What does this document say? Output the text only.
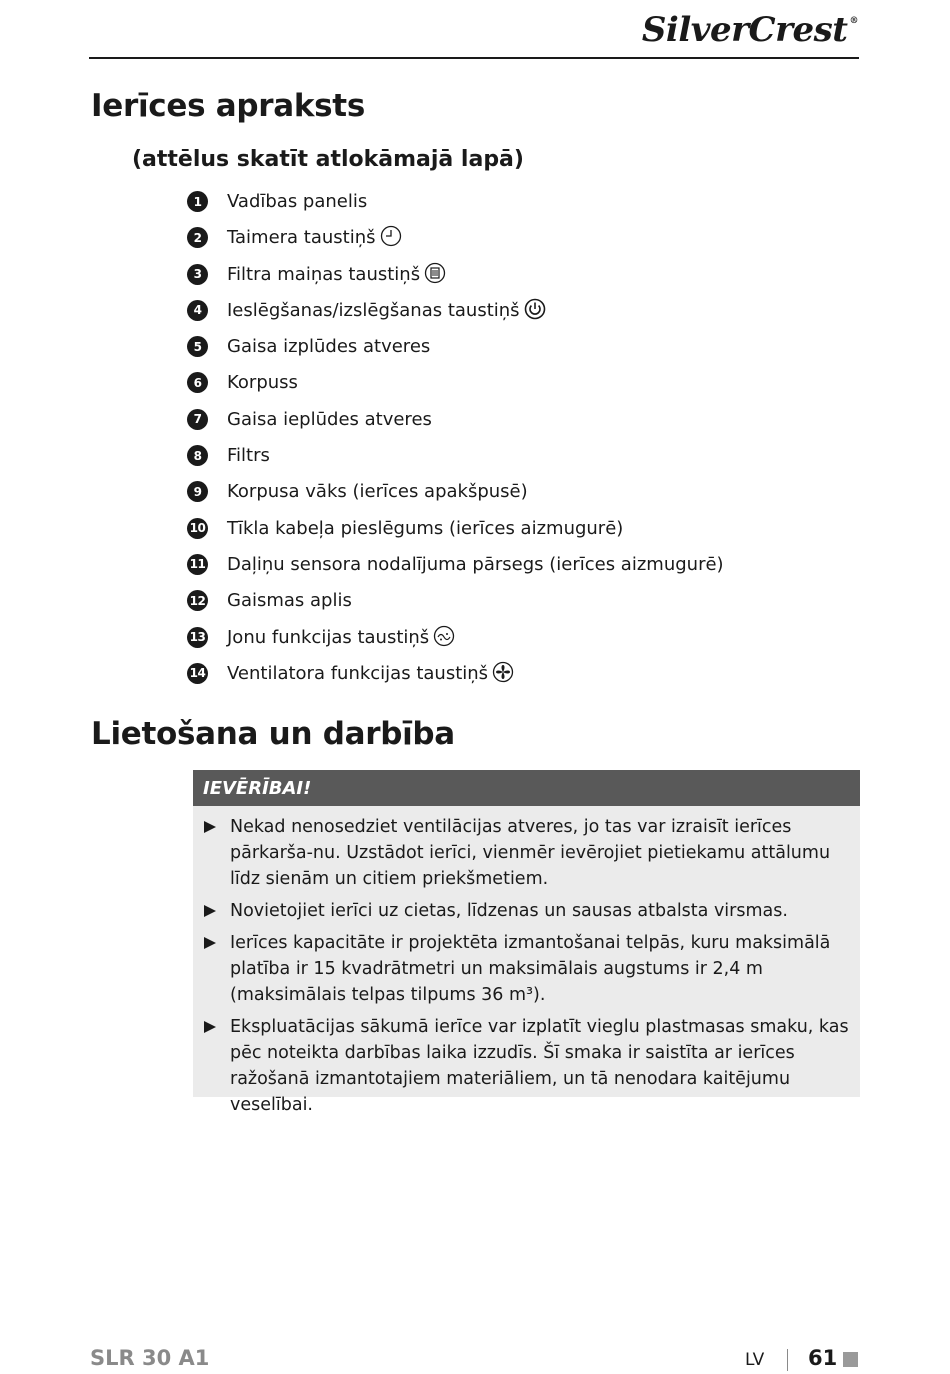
SilverCrest ®
Ierīces apraksts
(attēlus skatīt atlokāmajā lapā)
1	Vadības panelis
2	Taimera taustiņš
3	Filtra maiņas taustiņš
4	Ieslēgšanas/izslēgšanas taustiņš
5	Gaisa izplūdes atveres
6	Korpuss
7	Gaisa ieplūdes atveres
8	Filtrs
9	Korpusa vāks (ierīces apakšpusē)
10 Tīkla kabeļa pieslēgums (ierīces aizmugurē)
11 Daļiņu sensora nodalījuma pārsegs (ierīces aizmugurē)
12 Gaismas aplis
13 Jonu funkcijas taustiņš
14 Ventilatora funkcijas taustiņš
Lietošana un darbība
IEVĒRĪBAI!
Nekad nenosedziet ventilācijas atveres, jo tas var izraisīt ierīces pārkarša-nu. Uzstādot ierīci, vienmēr ievērojiet pietiekamu attālumu līdz sienām un citiem priekšmetiem.
Novietojiet ierīci uz cietas, līdzenas un sausas atbalsta virsmas.
Ierīces kapacitāte ir projektēta izmantošanai telpās, kuru maksimālā platība ir 15 kvadrātmetri un maksimālais augstums ir 2,4 m (maksimālais telpas tilpums 36 m³).
Ekspluatācijas sākumā ierīce var izplatīt vieglu plastmasas smaku, kas pēc noteikta darbības laika izzudīs. Šī smaka ir saistīta ar ierīces ražošanā izmantotajiem materiāliem, un tā nenodara kaitējumu veselībai.
SLR 30 A1	LV 61
